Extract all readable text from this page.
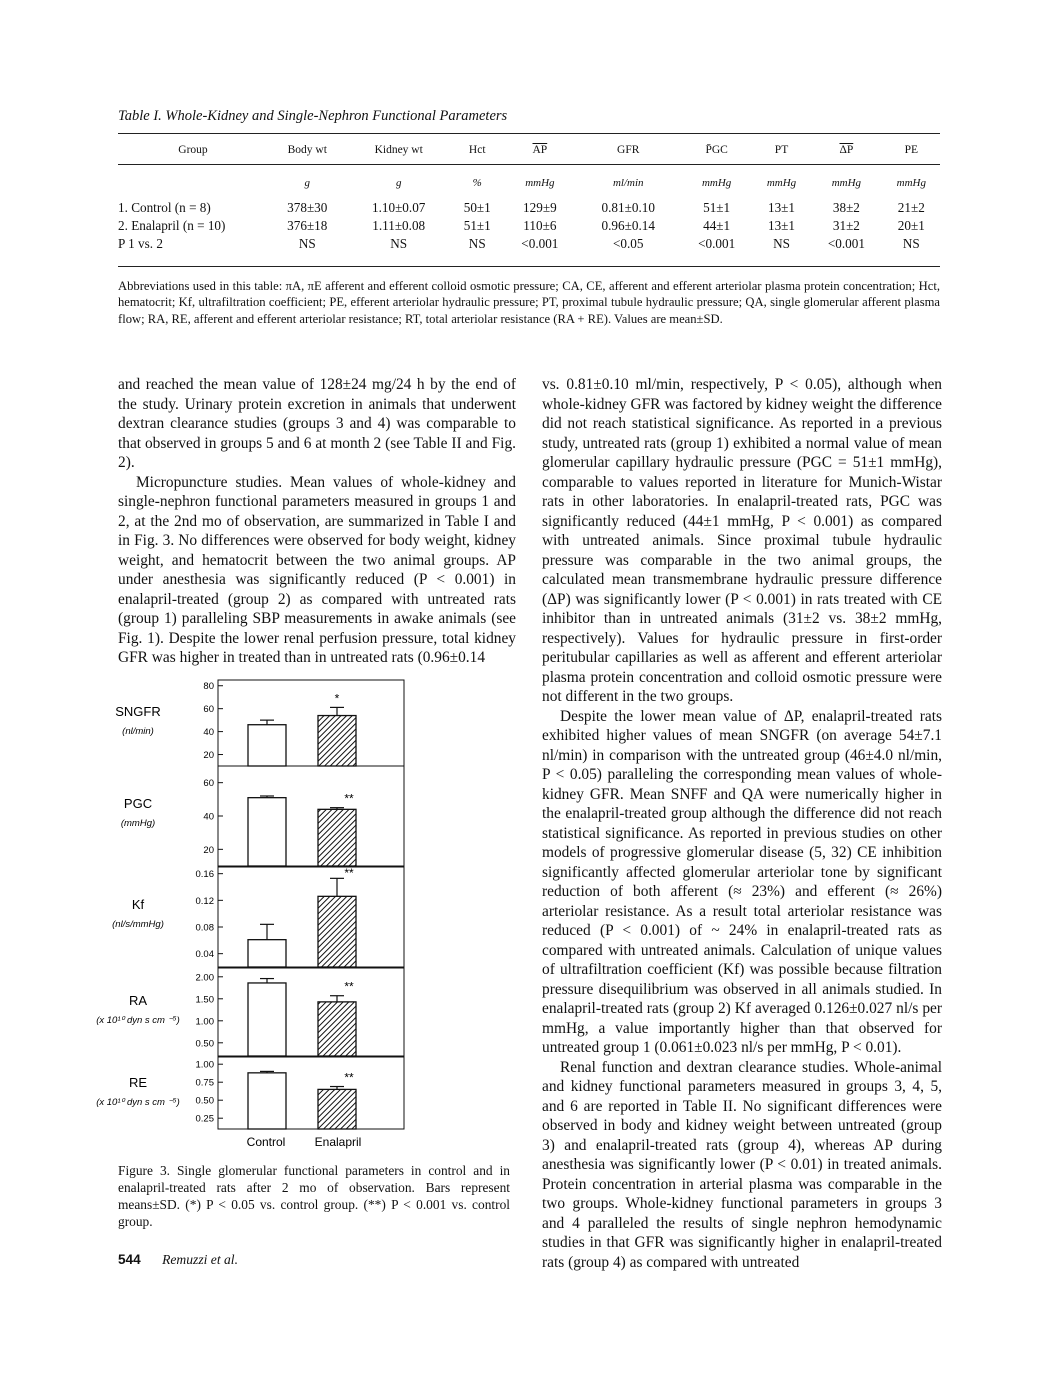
Table I. Whole-Kidney and Single-Nephron Functional Parameters
Group	Body wt	Kidney wt	Hct	$\overline{AP}$	GFR	P̄GC	PT	$\overline{\Delta P}$	PE
	g	g	%	mmHg	ml/min	mmHg	mmHg	mmHg	mmHg
1. Control (n = 8)	378±30	1.10±0.07	50±1	129±9	0.81±0.10	51±1	13±1	38±2	21±2
2. Enalapril (n = 10)	376±18	1.11±0.08	51±1	110±6	0.96±0.14	44±1	13±1	31±2	20±1
P 1 vs. 2	NS	NS	NS	<0.001	<0.05	<0.001	NS	<0.001	NS
Abbreviations used in this table: πA, πE afferent and efferent colloid osmotic pressure; CA, CE, afferent and efferent arteriolar plasma protein concentration; Hct, hematocrit; Kf, ultrafiltration coefficient; PE, efferent arteriolar hydraulic pressure; PT, proximal tubule hydraulic pressure; QA, single glomerular afferent plasma flow; RA, RE, afferent and efferent arteriolar resistance; RT, total arteriolar resistance (RA + RE). Values are mean±SD.

and reached the mean value of 128±24 mg/24 h by the end of the study. Urinary protein excretion in animals that underwent dextran clearance studies (groups 3 and 4) was comparable to that observed in groups 5 and 6 at month 2 (see Table II and Fig. 2).

Micropuncture studies. Mean values of whole-kidney and single-nephron functional parameters measured in groups 1 and 2, at the 2nd mo of observation, are summarized in Table I and in Fig. 3. No differences were observed for body weight, kidney weight, and hematocrit between the two animal groups. AP under anesthesia was significantly reduced (P < 0.001) in enalapril-treated (group 2) as compared with untreated rats (group 1) paralleling SBP measurements in awake animals (see Fig. 1). Despite the lower renal perfusion pressure, total kidney GFR was higher in treated than in untreated rats (0.96±0.14

vs. 0.81±0.10 ml/min, respectively, P < 0.05), although when whole-kidney GFR was factored by kidney weight the difference did not reach statistical significance. As reported in a previous study, untreated rats (group 1) exhibited a normal value of mean glomerular capillary hydraulic pressure (PGC = 51±1 mmHg), comparable to values reported in literature for Munich-Wistar rats in other laboratories. In enalapril-treated rats, PGC was significantly reduced (44±1 mmHg, P < 0.001) as compared with untreated animals. Since proximal tubule hydraulic pressure was comparable in the two animal groups, the calculated mean transmembrane hydraulic pressure difference (ΔP) was significantly lower (P < 0.001) in rats treated with CE inhibitor than in untreated animals (31±2 vs. 38±2 mmHg, respectively). Values for hydraulic pressure in first-order peritubular capillaries as well as afferent and efferent arteriolar plasma protein concentration and colloid osmotic pressure were not different in the two groups.

Despite the lower mean value of ΔP, enalapril-treated rats exhibited higher values of mean SNGFR (on average 54±7.1 nl/min) in comparison with the untreated group (46±4.0 nl/min, P < 0.05) paralleling the corresponding mean values of whole-kidney GFR. Mean SNFF and QA were numerically higher in the enalapril-treated group although the difference did not reach statistical significance. As reported in previous studies on other models of progressive glomerular disease (5, 32) CE inhibition significantly affected glomerular arteriolar tone by significant reduction of both afferent (≈ 23%) and efferent (≈ 26%) arteriolar resistance. As a result total arteriolar resistance was reduced (P < 0.001) of ~ 24% in enalapril-treated rats as compared with untreated animals. Calculation of unique values of ultrafiltration coefficient (Kf) was possible because filtration pressure disequilibrium was observed in all animals studied. In enalapril-treated rats (group 2) Kf averaged 0.126±0.027 nl/s per mmHg, a value importantly higher than that observed for untreated group 1 (0.061±0.023 nl/s per mmHg, P < 0.01).

Renal function and dextran clearance studies. Whole-animal and kidney functional parameters measured in groups 3, 4, 5, and 6 are reported in Table II. No significant differences were observed in body and kidney weight between untreated (group 3) and enalapril-treated rats (group 4), whereas AP during anesthesia was significantly lower (P < 0.01) in treated animals. Protein concentration in arterial plasma was comparable in the two groups. Whole-kidney functional parameters in groups 3 and 4 paralleled the results of single nephron hemodynamic studies in that GFR was significantly higher in enalapril-treated rats (group 4) as compared with untreated

80
60
40
20
SNGFR
(nl/min)
*
60
40
20
PGC
(mmHg)
**
0.16
0.12
0.08
0.04
Kf
(nl/s/mmHg)
**
2.00
1.50
1.00
0.50
RA
(x 10¹⁰ dyn s cm ⁻⁵)
**
1.00
0.75
0.50
0.25
RE
(x 10¹⁰ dyn s cm ⁻⁵)
**
Control Enalapril
Figure 3. Single glomerular functional parameters in control and in enalapril-treated rats after 2 mo of observation. Bars represent means±SD. (*) P < 0.05 vs. control group. (**) P < 0.001 vs. control group.
544 Remuzzi et al.
